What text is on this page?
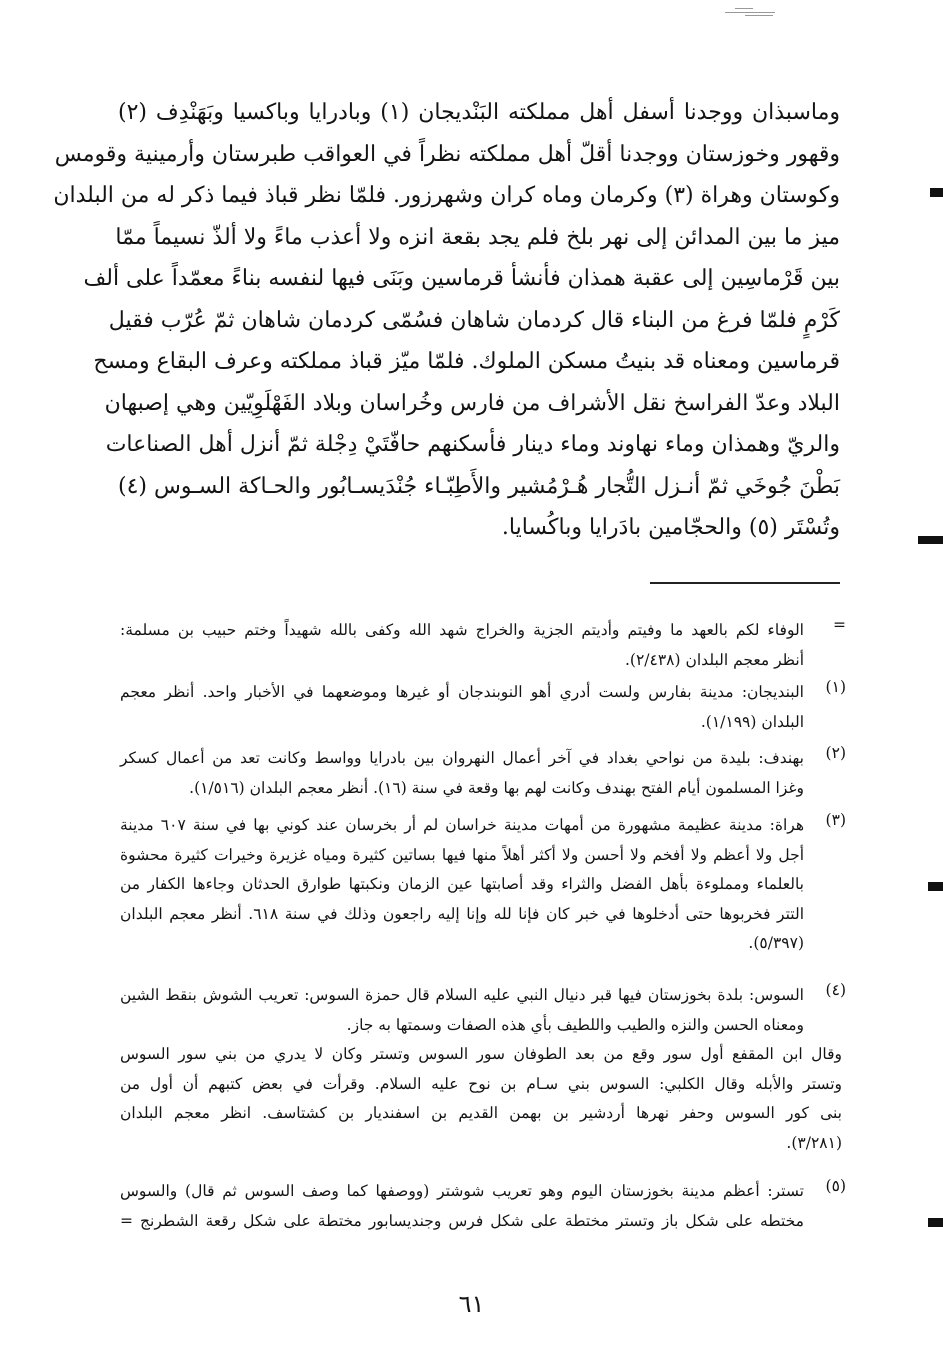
وماسبذان ووجدنا أسفل أهل مملكته البَنْديجان (١) وبادرايا وباكسيا وبَهَنْدِف (٢)
وقهور وخوزستان ووجدنا أقلّ أهل مملكته نظراً في العواقب طبرستان وأرمينية وقومس
وكوستان وهراة (٣) وكرمان وماه كران وشهرزور. فلمّا نظر قباذ فيما ذكر له من البلدان
ميز ما بين المدائن إلى نهر بلخ فلم يجد بقعة انزه ولا أعذب ماءً ولا ألذّ نسيماً ممّا
بين قَرْماسِين إلى عقبة همذان فأنشأ قرماسين وبَنَى فيها لنفسه بناءً معمّداً على ألف
كَرْمٍ فلمّا فرغ من البناء قال كردمان شاهان فسُمّى كردمان شاهان ثمّ عُرّب فقيل
قرماسين ومعناه قد بنيتُ مسكن الملوك. فلمّا ميّز قباذ مملكته وعرف البقاع ومسح
البلاد وعدّ الفراسخ نقل الأشراف من فارس وخُراسان وبلاد الفَهْلَوِيّين وهي إصبهان
والريّ وهمذان وماء نهاوند وماء دينار فأسكنهم حافّتَيْ دِجْلة ثمّ أنزل أهل الصناعات
بَطْنَ جُوخَي ثمّ أنـزل التُّجار هُـرْمُشير والأَطِبّـاء جُنْدَيسـابُور والحـاكة السـوس (٤)
وتُسْتَر (٥) والحجّامين بادَرايا وباكُسايا.
=
الوفاء لكم بالعهد ما وفيتم وأديتم الجزية والخراج شهد الله وكفى بالله شهيداً وختم حبيب بن مسلمة:
أنظر معجم البلدان (٢/٤٣٨).
(١)
البنديجان: مدينة بفارس ولست أدري أهو النوبندجان أو غيرها وموضعهما في الأخبار واحد. أنظر معجم
البلدان (١/١٩٩).
(٢)
بهندف: بليدة من نواحي بغداد في آخر أعمال النهروان بين بادرايا وواسط وكانت تعد من أعمال كسكر
وغزا المسلمون أيام الفتح بهندف وكانت لهم بها وقعة في سنة (١٦). أنظر معجم البلدان (١/٥١٦).
(٣)
هراة: مدينة عظيمة مشهورة من أمهات مدينة خراسان لم أر بخرسان عند كوني بها في سنة ٦٠٧ مدينة
أجل ولا أعظم ولا أفخم ولا أحسن ولا أكثر أهلاً منها فيها بساتين كثيرة ومياه غزيرة وخيرات كثيرة محشوة
بالعلماء ومملوءة بأهل الفضل والثراء وقد أصابتها عين الزمان ونكبتها طوارق الحدثان وجاءها الكفار من
التتر فخربوها حتى أدخلوها في خبر كان فإنا لله وإنا إليه راجعون وذلك في سنة ٦١٨. أنظر معجم البلدان
(٥/٣٩٧).
(٤)
السوس: بلدة بخوزستان فيها قبر دنيال النبي عليه السلام قال حمزة السوس: تعريب الشوش بنقط الشين
ومعناه الحسن والنزه والطيب واللطيف بأي هذه الصفات وسمتها به جاز.
وقال ابن المقفع أول سور وقع من بعد الطوفان سور السوس وتستر وكان لا يدري من بني سور السوس
وتستر والأبله وقال الكلبي: السوس بني سـام بن نوح عليه السلام. وقرأت في بعض كتبهم أن أول من
بنى كور السوس وحفر نهرها أردشير بن بهمن القديم بن اسفنديار بن كشتاسف. انظر معجم البلدان
(٣/٢٨١).
(٥)
تستر: أعظم مدينة بخوزستان اليوم وهو تعريب شوشتر (ووصفها كما وصف السوس ثم قال) والسوس
مختطه على شكل باز وتستر مختطة على شكل فرس وجنديسابور مختطة على شكل رقعة الشطرنج =
٦١
